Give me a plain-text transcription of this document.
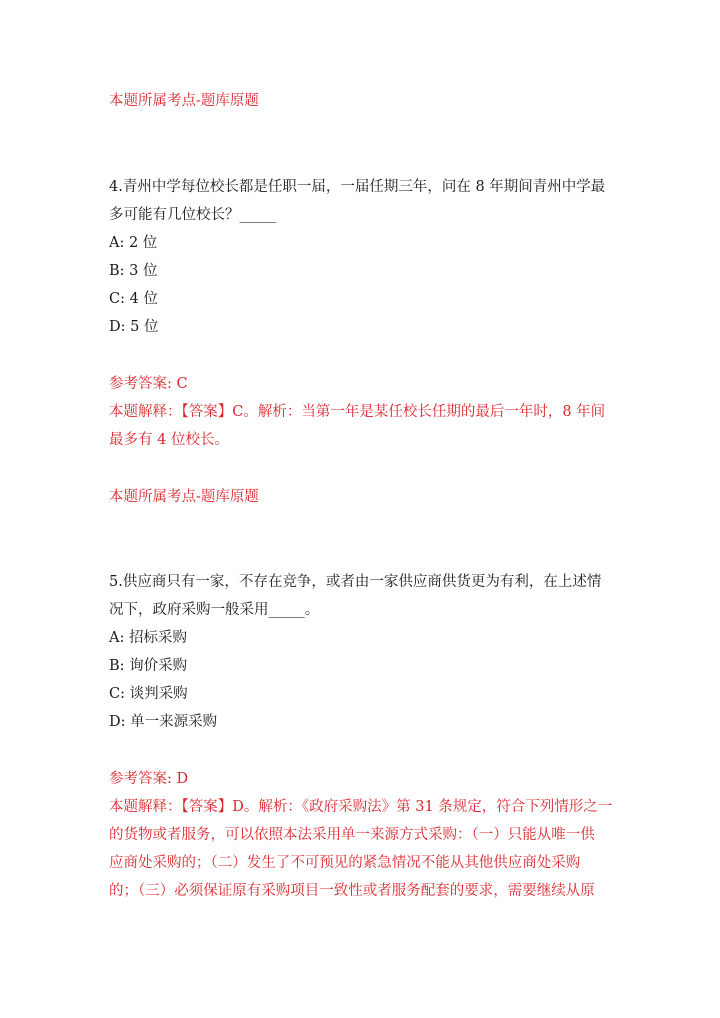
本题所属考点-题库原题
4.青州中学每位校长都是任职一届，一届任期三年，问在 8 年期间青州中学最
多可能有几位校长？_____
A: 2 位
B: 3 位
C: 4 位
D: 5 位
参考答案: C
本题解释：【答案】C。解析：当第一年是某任校长任期的最后一年时，8 年间
最多有 4 位校长。
本题所属考点-题库原题
5.供应商只有一家，不存在竞争，或者由一家供应商供货更为有利，在上述情
况下，政府采购一般采用_____。
A: 招标采购
B: 询价采购
C: 谈判采购
D: 单一来源采购
参考答案: D
本题解释：【答案】D。解析：《政府采购法》第 31 条规定，符合下列情形之一
的货物或者服务，可以依照本法采用单一来源方式采购：（一）只能从唯一供
应商处采购的；（二）发生了不可预见的紧急情况不能从其他供应商处采购
的；（三）必须保证原有采购项目一致性或者服务配套的要求，需要继续从原
